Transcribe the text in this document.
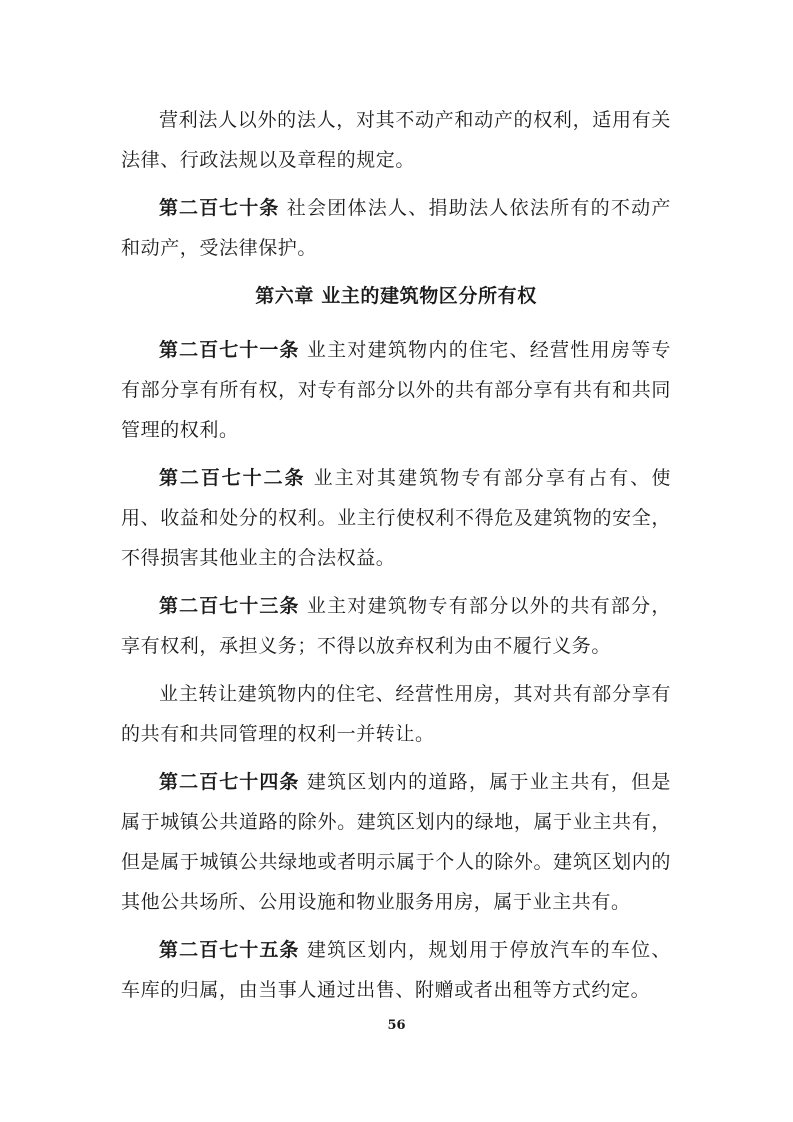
营利法人以外的法人，对其不动产和动产的权利，适用有关法律、行政法规以及章程的规定。

第二百七十条 社会团体法人、捐助法人依法所有的不动产和动产，受法律保护。

第六章 业主的建筑物区分所有权

第二百七十一条 业主对建筑物内的住宅、经营性用房等专有部分享有所有权，对专有部分以外的共有部分享有共有和共同管理的权利。

第二百七十二条 业主对其建筑物专有部分享有占有、使用、收益和处分的权利。业主行使权利不得危及建筑物的安全，不得损害其他业主的合法权益。

第二百七十三条 业主对建筑物专有部分以外的共有部分，享有权利，承担义务；不得以放弃权利为由不履行义务。

业主转让建筑物内的住宅、经营性用房，其对共有部分享有的共有和共同管理的权利一并转让。

第二百七十四条 建筑区划内的道路，属于业主共有，但是属于城镇公共道路的除外。建筑区划内的绿地，属于业主共有，但是属于城镇公共绿地或者明示属于个人的除外。建筑区划内的其他公共场所、公用设施和物业服务用房，属于业主共有。

第二百七十五条 建筑区划内，规划用于停放汽车的车位、车库的归属，由当事人通过出售、附赠或者出租等方式约定。

56
